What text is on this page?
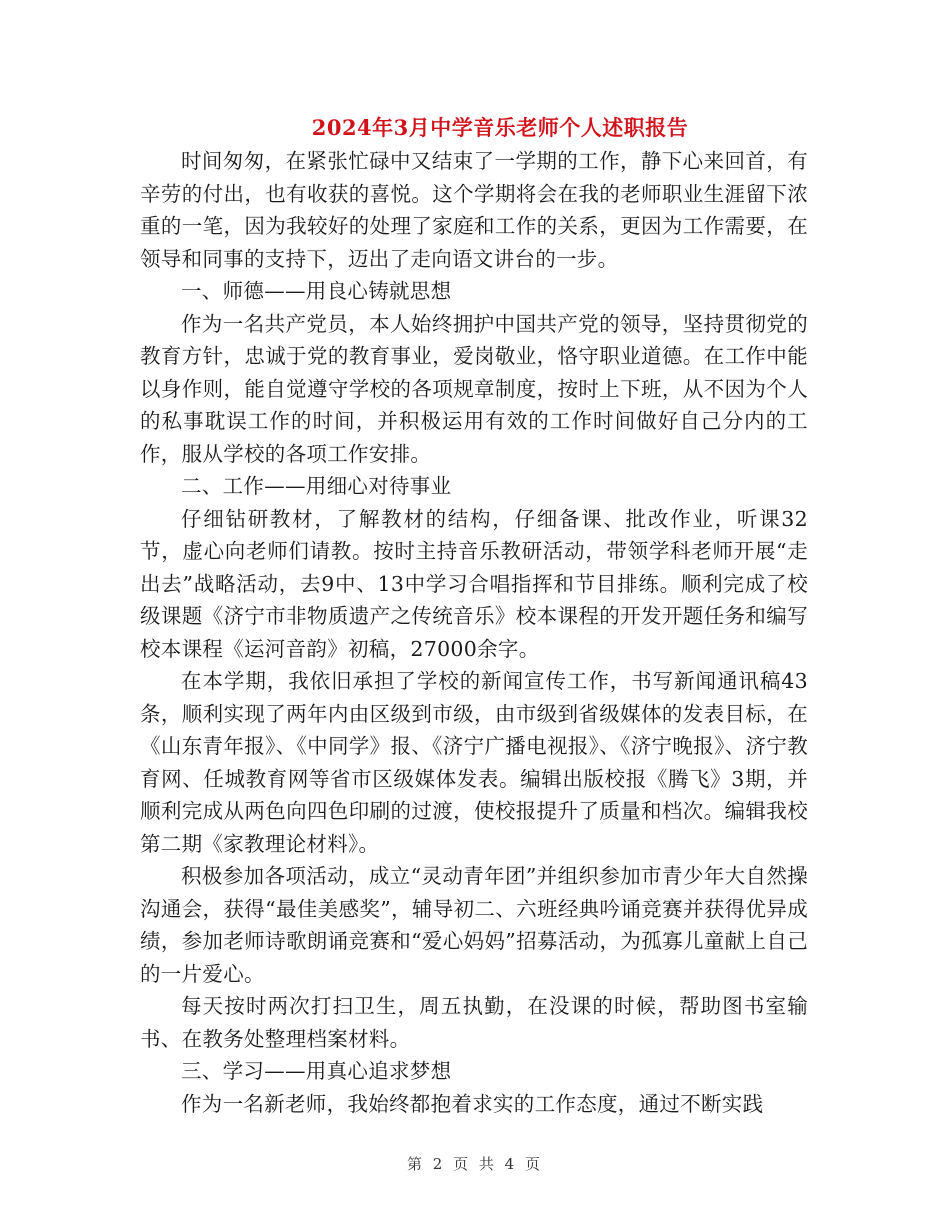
2024年3月中学音乐老师个人述职报告

时间匆匆，在紧张忙碌中又结束了一学期的工作，静下心来回首，有辛劳的付出，也有收获的喜悦。这个学期将会在我的老师职业生涯留下浓重的一笔，因为我较好的处理了家庭和工作的关系，更因为工作需要，在领导和同事的支持下，迈出了走向语文讲台的一步。

一、师德——用良心铸就思想

作为一名共产党员，本人始终拥护中国共产党的领导，坚持贯彻党的教育方针，忠诚于党的教育事业，爱岗敬业，恪守职业道德。在工作中能以身作则，能自觉遵守学校的各项规章制度，按时上下班，从不因为个人的私事耽误工作的时间，并积极运用有效的工作时间做好自己分内的工作，服从学校的各项工作安排。

二、工作——用细心对待事业

仔细钻研教材，了解教材的结构，仔细备课、批改作业，听课32节，虚心向老师们请教。按时主持音乐教研活动，带领学科老师开展“走出去”战略活动，去9中、13中学习合唱指挥和节目排练。顺利完成了校级课题《济宁市非物质遗产之传统音乐》校本课程的开发开题任务和编写校本课程《运河音韵》初稿，27000余字。

在本学期，我依旧承担了学校的新闻宣传工作，书写新闻通讯稿43条，顺利实现了两年内由区级到市级，由市级到省级媒体的发表目标，在《山东青年报》、《中同学》报、《济宁广播电视报》、《济宁晚报》、济宁教育网、任城教育网等省市区级媒体发表。编辑出版校报《腾飞》3期，并顺利完成从两色向四色印刷的过渡，使校报提升了质量和档次。编辑我校第二期《家教理论材料》。

积极参加各项活动，成立“灵动青年团”并组织参加市青少年大自然操沟通会，获得“最佳美感奖”，辅导初二、六班经典吟诵竞赛并获得优异成绩，参加老师诗歌朗诵竞赛和“爱心妈妈”招募活动，为孤寡儿童献上自己的一片爱心。

每天按时两次打扫卫生，周五执勤，在没课的时候，帮助图书室输书、在教务处整理档案材料。

三、学习——用真心追求梦想

作为一名新老师，我始终都抱着求实的工作态度，通过不断实践

第 2 页 共 4 页
